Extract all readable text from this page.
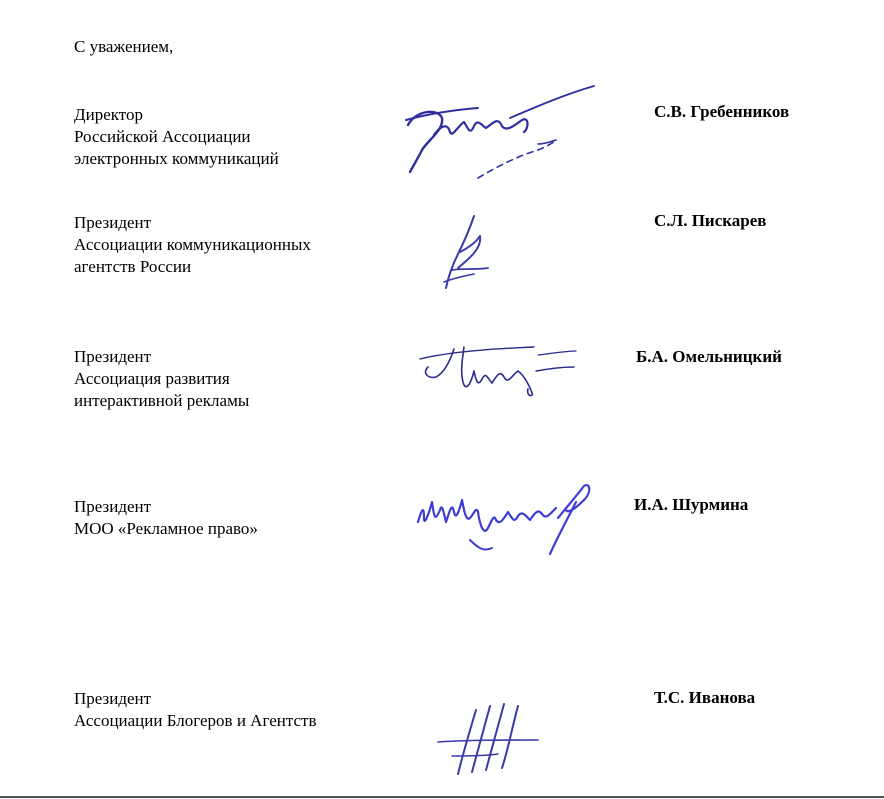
С уважением,
Директор
Российской Ассоциации
электронных коммуникаций
С.В. Гребенников
Президент
Ассоциации коммуникационных
агентств России
С.Л. Пискарев
Президент
Ассоциация развития
интерактивной рекламы
Б.А. Омельницкий
Президент
МОО «Рекламное право»
И.А. Шурмина
Президент
Ассоциации Блогеров и Агентств
Т.С. Иванова
